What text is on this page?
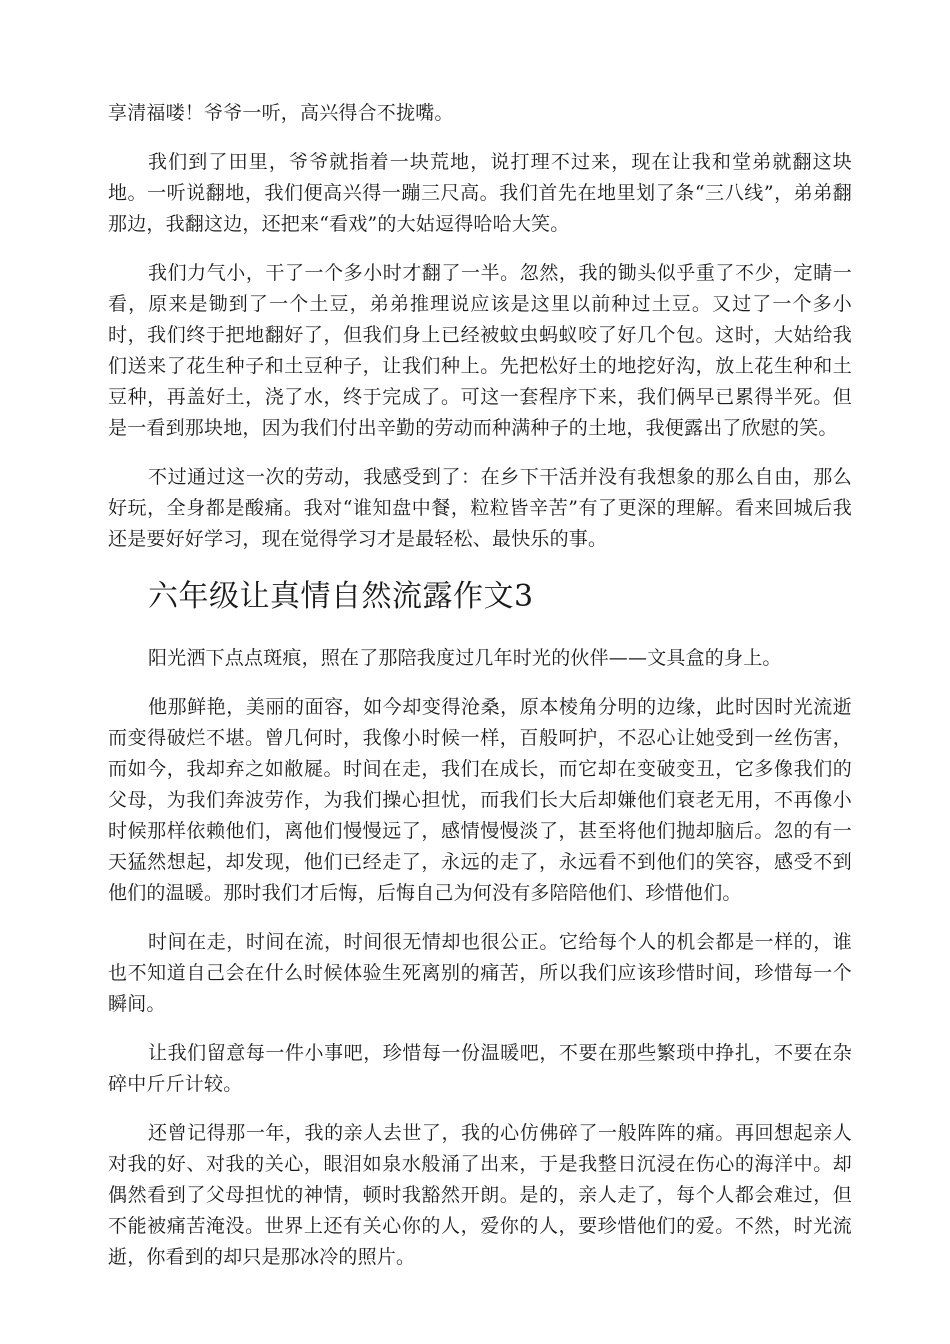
享清福喽！爷爷一听，高兴得合不拢嘴。

我们到了田里，爷爷就指着一块荒地，说打理不过来，现在让我和堂弟就翻这块地。一听说翻地，我们便高兴得一蹦三尺高。我们首先在地里划了条“三八线”，弟弟翻那边，我翻这边，还把来“看戏”的大姑逗得哈哈大笑。

我们力气小，干了一个多小时才翻了一半。忽然，我的锄头似乎重了不少，定睛一看，原来是锄到了一个土豆，弟弟推理说应该是这里以前种过土豆。又过了一个多小时，我们终于把地翻好了，但我们身上已经被蚊虫蚂蚁咬了好几个包。这时，大姑给我们送来了花生种子和土豆种子，让我们种上。先把松好土的地挖好沟，放上花生种和土豆种，再盖好土，浇了水，终于完成了。可这一套程序下来，我们俩早已累得半死。但是一看到那块地，因为我们付出辛勤的劳动而种满种子的土地，我便露出了欣慰的笑。

不过通过这一次的劳动，我感受到了：在乡下干活并没有我想象的那么自由，那么好玩，全身都是酸痛。我对“谁知盘中餐，粒粒皆辛苦”有了更深的理解。看来回城后我还是要好好学习，现在觉得学习才是最轻松、最快乐的事。

六年级让真情自然流露作文3

阳光洒下点点斑痕，照在了那陪我度过几年时光的伙伴——文具盒的身上。

他那鲜艳，美丽的面容，如今却变得沧桑，原本棱角分明的边缘，此时因时光流逝而变得破烂不堪。曾几何时，我像小时候一样，百般呵护，不忍心让她受到一丝伤害，而如今，我却弃之如敝屣。时间在走，我们在成长，而它却在变破变丑，它多像我们的父母，为我们奔波劳作，为我们操心担忧，而我们长大后却嫌他们衰老无用，不再像小时候那样依赖他们，离他们慢慢远了，感情慢慢淡了，甚至将他们抛却脑后。忽的有一天猛然想起，却发现，他们已经走了，永远的走了，永远看不到他们的笑容，感受不到他们的温暖。那时我们才后悔，后悔自己为何没有多陪陪他们、珍惜他们。

时间在走，时间在流，时间很无情却也很公正。它给每个人的机会都是一样的，谁也不知道自己会在什么时候体验生死离别的痛苦，所以我们应该珍惜时间，珍惜每一个瞬间。

让我们留意每一件小事吧，珍惜每一份温暖吧，不要在那些繁琐中挣扎，不要在杂碎中斤斤计较。

还曾记得那一年，我的亲人去世了，我的心仿佛碎了一般阵阵的痛。再回想起亲人对我的好、对我的关心，眼泪如泉水般涌了出来，于是我整日沉浸在伤心的海洋中。却偶然看到了父母担忧的神情，顿时我豁然开朗。是的，亲人走了，每个人都会难过，但不能被痛苦淹没。世界上还有关心你的人，爱你的人，要珍惜他们的爱。不然，时光流逝，你看到的却只是那冰冷的照片。
